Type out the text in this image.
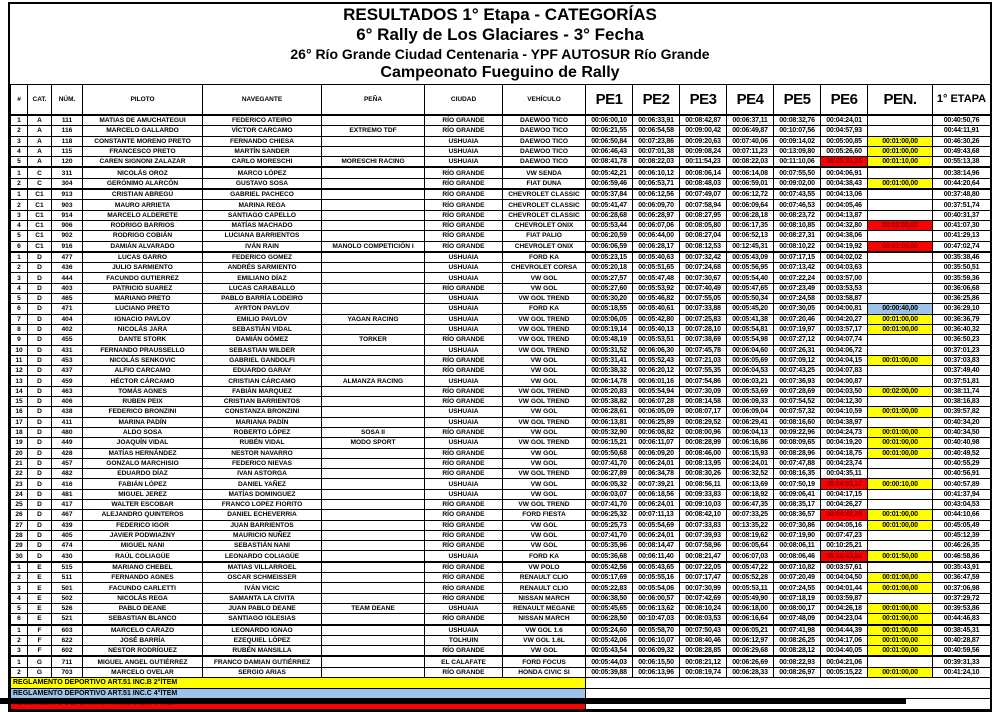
RESULTADOS 1° Etapa - CATEGORÍAS
6° Rally de Los Glaciares - 3° Fecha
26° Río Grande Ciudad Centenaria - YPF AUTOSUR Río Grande
Campeonato Fueguino de Rally
#	CAT.	NÚM.	PILOTO	NAVEGANTE	PEÑA	CIUDAD	VEHÍCULO	PE1	PE2	PE3	PE4	PE5	PE6	PEN.	1° ETAPA
1	A	111	MATIAS DE AMUCHATEGUI	FEDERICO ATEIRO		RÍO GRANDE	DAEWOO TICO	00:06:00,10	00:06:33,91	00:08:42,87	00:06:37,11	00:08:32,76	00:04:24,01		00:40:50,76
2	A	116	MARCELO GALLARDO	VÍCTOR CARCAMO	EXTREMO TDF	RÍO GRANDE	DAEWOO TICO	00:06:21,55	00:06:54,58	00:09:00,42	00:06:49,87	00:10:07,56	00:04:57,93		00:44:11,91
3	A	118	CONSTANTE MORENO PRETO	FERNANDO CHIESA		USHUAIA	DAEWOO TICO	00:06:50,84	00:07:23,86	00:09:20,63	00:07:40,06	00:09:14,02	00:05:00,85	00:01:00,00	00:46:30,26
4	A	115	FRANCESCO PRETO	MARTÍN SANDER		USHUAIA	DAEWOO TICO	00:06:46,43	00:07:01,38	00:09:08,24	00:07:11,23	00:13:09,80	00:05:26,60	00:01:00,00	00:49:43,68
5	A	120	CAREN SIGNONI ZALAZAR	CARLO MORESCHI	MORESCHI RACING	USHUAIA	DAEWOO TICO	00:08:41,78	00:08:22,03	00:11:54,23	00:08:22,03	00:11:10,06	00:05:33,25	00:01:10,00	00:55:13,38
1	C	311	NICOLÁS OROZ	MARCO LÓPEZ		RÍO GRANDE	VW SENDA	00:05:42,21	00:06:10,12	00:08:06,14	00:06:14,08	00:07:55,50	00:04:06,91		00:38:14,96
2	C	304	GERÓNIMO ALARCÓN	GUSTAVO SOSA		RÍO GRANDE	FIAT DUNA	00:06:59,46	00:06:53,71	00:08:48,03	00:06:59,01	00:09:02,00	00:04:38,43	00:01:00,00	00:44:20,64
1	C1	913	CRISTIAN ABREGÚ	GABRIEL PACHECO		RÍO GRANDE	CHEVROLET CLASSIC	00:05:37,84	00:06:12,56	00:07:49,07	00:06:12,72	00:07:43,55	00:04:13,06		00:37:48,80
2	C1	903	MAURO ARRIETA	MARINA REGA		RÍO GRANDE	CHEVROLET CLASSIC	00:05:41,47	00:06:09,70	00:07:58,94	00:06:09,64	00:07:46,53	00:04:05,46		00:37:51,74
3	C1	914	MARCELO ALDERETE	SANTIAGO CAPELLO		RÍO GRANDE	CHEVROLET CLASSIC	00:06:28,68	00:06:28,97	00:08:27,95	00:06:28,18	00:08:23,72	00:04:13,87		00:40:31,37
4	C1	906	RODRIGO BARRIOS	MATÍAS MACHADO		RÍO GRANDE	CHEVROLET ONIX	00:05:53,44	00:06:07,06	00:08:05,80	00:06:17,35	00:08:10,85	00:04:32,80	00:02:00,00	00:41:07,30
5	C1	902	RODRIGO COBIÁN	LUCIANA BARRIENTOS		RÍO GRANDE	FIAT PALIO	00:06:20,59	00:06:44,00	00:08:27,04	00:06:52,13	00:08:27,31	00:04:38,06		00:41:29,13
6	C1	916	DAMIÁN ALVARADO	IVÁN RAIN	MANOLO COMPETICIÓN I	RÍO GRANDE	CHEVROLET ONIX	00:06:06,59	00:06:28,17	00:08:12,53	00:12:45,31	00:08:10,22	00:04:19,92	00:01:00,00	00:47:02,74
1	D	477	LUCAS GARRO	FEDERICO GOMEZ		USHUAIA	FORD KA	00:05:23,15	00:05:40,63	00:07:32,42	00:05:43,09	00:07:17,15	00:04:02,02		00:35:38,46
2	D	436	JULIO SARMIENTO	ANDRÉS SARMIENTO		USHUAIA	CHEVROLET CORSA	00:05:20,18	00:05:51,65	00:07:24,68	00:05:56,95	00:07:13,42	00:04:03,63		00:35:50,51
3	D	444	FACUNDO GUTIERREZ	EMILIANO DÍAZ		USHUAIA	VW GOL	00:05:27,57	00:05:47,48	00:07:30,67	00:05:54,40	00:07:22,24	00:03:57,00		00:35:59,36
4	D	403	PATRICIO SUAREZ	LUCAS CARABALLO		RÍO GRANDE	VW GOL	00:05:27,60	00:05:53,92	00:07:40,49	00:05:47,65	00:07:23,49	00:03:53,53		00:36:06,68
5	D	465	MARIANO PRETO	PABLO BARRÍA LODEIRO		USHUAIA	VW GOL TREND	00:05:30,20	00:05:46,82	00:07:55,05	00:05:50,34	00:07:24,58	00:03:58,87		00:36:25,86
6	D	471	LUCIANO PRETO	AYRTON PAVLOV		USHUAIA	FORD KA	00:05:18,55	00:05:40,61	00:07:33,88	00:05:45,20	00:07:30,05	00:04:00,81	00:00:40,00	00:36:29,10
7	D	404	IGNACIO PAVLOV	EMILIO PAVLOV	YAGAN RACING	USHUAIA	VW GOL TREND	00:05:06,05	00:05:42,80	00:07:25,83	00:05:41,38	00:07:20,46	00:04:20,27	00:01:00,00	00:36:36,79
8	D	402	NICOLÁS JARA	SEBASTIÁN VIDAL		USHUAIA	VW GOL TREND	00:05:19,14	00:05:40,13	00:07:28,10	00:05:54,81	00:07:19,97	00:03:57,17	00:01:00,00	00:36:40,32
9	D	455	DANTE STORK	DAMIÁN GÓMEZ	TORKER	RÍO GRANDE	VW GOL TREND	00:05:48,19	00:05:53,51	00:07:38,69	00:05:54,98	00:07:27,12	00:04:07,74		00:36:50,23
10	D	431	FERNANDO PRAUSSELLO	SEBASTIAN WILDER		USHUAIA	VW GOL TREND	00:05:31,52	00:06:06,30	00:07:45,78	00:06:04,60	00:07:26,31	00:04:06,72		00:37:01,23
11	D	453	NICOLÁS SENKOVIC	GABRIEL GANDOLFI		RÍO GRANDE	VW GOL	00:05:31,41	00:05:52,43	00:07:21,03	00:06:05,69	00:07:09,12	00:04:04,15	00:01:00,00	00:37:03,83
12	D	437	ALFIO CARCAMO	EDUARDO GARAY		RÍO GRANDE	VW GOL	00:05:38,32	00:06:20,12	00:07:55,35	00:06:04,53	00:07:43,25	00:04:07,83		00:37:49,40
13	D	459	HÉCTOR CÁRCAMO	CRISTIAN CÁRCAMO	ALMANZA RACING	USHUAIA	VW GOL	00:06:14,78	00:06:01,16	00:07:54,86	00:06:03,21	00:07:36,93	00:04:00,87		00:37:51,81
14	D	463	TOMÁS AGNES	FABIÁN MARQUEZ		RÍO GRANDE	VW GOL TREND	00:05:20,83	00:05:54,94	00:07:30,09	00:05:53,69	00:07:28,69	00:04:03,50	00:02:00,00	00:38:11,74
15	D	406	RUBEN PEIX	CRISTIAN BARRIENTOS		RÍO GRANDE	VW GOL TREND	00:05:38,82	00:06:07,28	00:08:14,58	00:06:09,33	00:07:54,52	00:04:12,30		00:38:16,83
16	D	438	FEDERICO BRONZINI	CONSTANZA BRONZINI		USHUAIA	VW GOL	00:06:28,61	00:06:05,09	00:08:07,17	00:06:09,04	00:07:57,32	00:04:10,59	00:01:00,00	00:39:57,82
17	D	411	MARINA PADÍN	MARIANA PADÍN		USHUAIA	VW GOL TREND	00:06:13,81	00:06:25,89	00:08:29,52	00:06:29,41	00:08:16,60	00:04:38,97		00:40:34,20
18	D	480	ALDO SOSA	ROBERTO LÓPEZ	SOSA II	RÍO GRANDE	VW GOL	00:05:32,90	00:06:08,82	00:08:00,96	00:06:04,13	00:09:22,96	00:04:24,73	00:01:00,00	00:40:34,50
19	D	449	JOAQUÍN VIDAL	RUBÉN VIDAL	MODO SPORT	USHUAIA	VW GOL TREND	00:06:15,21	00:06:11,07	00:08:28,99	00:06:16,86	00:08:09,65	00:04:19,20	00:01:00,00	00:40:40,98
20	D	428	MATÍAS HERNÁNDEZ	NESTOR NAVARRO		RÍO GRANDE	VW GOL	00:05:50,68	00:06:09,20	00:08:46,00	00:06:15,93	00:08:28,96	00:04:18,75	00:01:00,00	00:40:49,52
21	D	457	GONZALO MARCHISIO	FEDERICO NIEVAS		RÍO GRANDE	VW GOL	00:07:41,70	00:06:24,01	00:08:13,95	00:06:24,01	00:07:47,88	00:04:23,74		00:40:55,29
22	D	482	EDUARDO DÍAZ	IVAN ASTORGA		RÍO GRANDE	VW GOL TREND	00:06:27,89	00:06:34,78	00:08:30,26	00:06:32,52	00:08:16,35	00:04:35,11		00:40:56,91
23	D	416	FABIÁN LÓPEZ	DANIEL YAÑEZ		USHUAIA	VW GOL	00:06:05,32	00:07:39,21	00:08:56,11	00:06:13,69	00:07:50,19	00:04:03,37	00:00:10,00	00:40:57,89
24	D	481	MIGUEL JEREZ	MATÍAS DOMINGUEZ		USHUAIA	VW GOL	00:06:03,07	00:06:18,56	00:09:33,83	00:06:18,92	00:09:06,41	00:04:17,15		00:41:37,94
25	D	417	WALTER ESCOBAR	FRANCO LOPEZ FIORITO		RÍO GRANDE	VW GOL TREND	00:07:41,70	00:06:24,01	00:09:10,03	00:06:47,35	00:08:35,17	00:04:26,27		00:43:04,53
26	D	467	ALEJANDRO QUINTEROS	DANIEL ECHEVERRIA		RÍO GRANDE	FORD FIESTA	00:06:25,32	00:07:11,13	00:08:42,10	00:07:33,25	00:08:36,57	00:04:42,29	00:01:00,00	00:44:10,66
27	D	439	FEDERICO IGOR	JUAN BARRIENTOS		RÍO GRANDE	VW GOL	00:05:25,73	00:05:54,69	00:07:33,83	00:13:35,22	00:07:30,86	00:04:05,16	00:01:00,00	00:45:05,49
28	D	405	JAVIER PODWIAZNY	MAURICIO NUÑEZ		RÍO GRANDE	VW GOL	00:07:41,70	00:06:24,01	00:07:39,93	00:08:19,62	00:07:19,90	00:07:47,23		00:45:12,39
29	D	474	MIGUEL NANI	SEBASTIÁN NANI		RÍO GRANDE	VW GOL	00:05:35,96	00:08:14,47	00:07:58,96	00:06:05,64	00:08:06,11	00:10:25,21		00:46:26,35
30	D	430	RAÚL COLIAGÜE	LEONARDO COLIAGÜE		USHUAIA	FORD KA	00:05:36,68	00:06:11,40	00:08:21,47	00:06:07,03	00:08:06,46	00:10:43,82	00:01:50,00	00:46:58,86
1	E	515	MARIANO CHEBEL	MATIAS VILLARROEL		RÍO GRANDE	VW POLO	00:05:42,56	00:05:43,65	00:07:22,05	00:05:47,22	00:07:10,82	00:03:57,61		00:35:43,91
2	E	511	FERNANDO AGNES	OSCAR SCHMEISSER		RÍO GRANDE	RENAULT CLIO	00:05:17,69	00:05:55,16	00:07:17,47	00:05:52,28	00:07:20,49	00:04:04,50	00:01:00,00	00:36:47,59
3	E	501	FACUNDO CARLETTI	IVÁN VICIC		RÍO GRANDE	RENAULT CLIO	00:05:22,83	00:05:54,06	00:07:30,99	00:05:53,11	00:07:24,55	00:04:01,44	00:01:00,00	00:37:06,98
4	E	502	NICOLÁS REGA	SAMANTA LA CIVITA		RÍO GRANDE	NISSAN MARCH	00:06:38,50	00:06:00,57	00:07:42,69	00:05:49,90	00:07:18,19	00:03:59,87		00:37:29,72
5	E	526	PABLO DEANE	JUAN PABLO DEANE	TEAM DEANE	USHUAIA	RENAULT MEGANE	00:05:45,65	00:06:13,62	00:08:10,24	00:06:18,00	00:08:00,17	00:04:26,18	00:01:00,00	00:39:53,86
6	E	521	SEBASTIAN BLANCO	SANTIAGO IGLESIAS		RÍO GRANDE	NISSAN MARCH	00:06:28,50	00:10:47,03	00:08:03,53	00:06:16,64	00:07:48,09	00:04:23,04	00:01:00,00	00:44:46,83
1	F	603	MARCELO CARAZO	LEONARDO IGNAO		USHUAIA	VW GOL 1.6	00:05:24,60	00:05:58,70	00:07:50,43	00:06:05,21	00:07:41,98	00:04:44,39	00:01:00,00	00:38:45,31
2	F	622	JOSÉ BARRÍA	EZEQUIEL LÓPEZ		TOLHUIN	VW GOL 1.6L	00:05:42,06	00:06:10,07	00:08:40,46	00:06:12,97	00:08:26,25	00:04:17,06	00:01:00,00	00:40:28,87
3	F	602	NESTOR RODRÍGUEZ	RUBÉN MANSILLA		RÍO GRANDE	VW GOL	00:05:43,54	00:06:09,32	00:08:28,85	00:06:29,68	00:08:28,12	00:04:40,05	00:01:00,00	00:40:59,56
1	G	711	MIGUEL ANGEL GUTIÉRREZ	FRANCO DAMIAN GUTIÉRREZ		EL CALAFATE	FORD FOCUS	00:05:44,03	00:06:15,50	00:08:21,12	00:06:26,69	00:08:22,93	00:04:21,06		00:39:31,33
2	G	703	MARCELO OVELAR	SERGIO ARIAS		RÍO GRANDE	HONDA CIVIC SI	00:05:39,88	00:06:13,96	00:08:19,74	00:06:28,33	00:08:26,97	00:05:15,22	00:01:00,00	00:41:24,10
REGLAMENTO DEPORTIVO ART.51 INC.B 2°ÍTEM															
REGLAMENTO DEPORTIVO ART.51 INC.C 4°ÍTEM															
